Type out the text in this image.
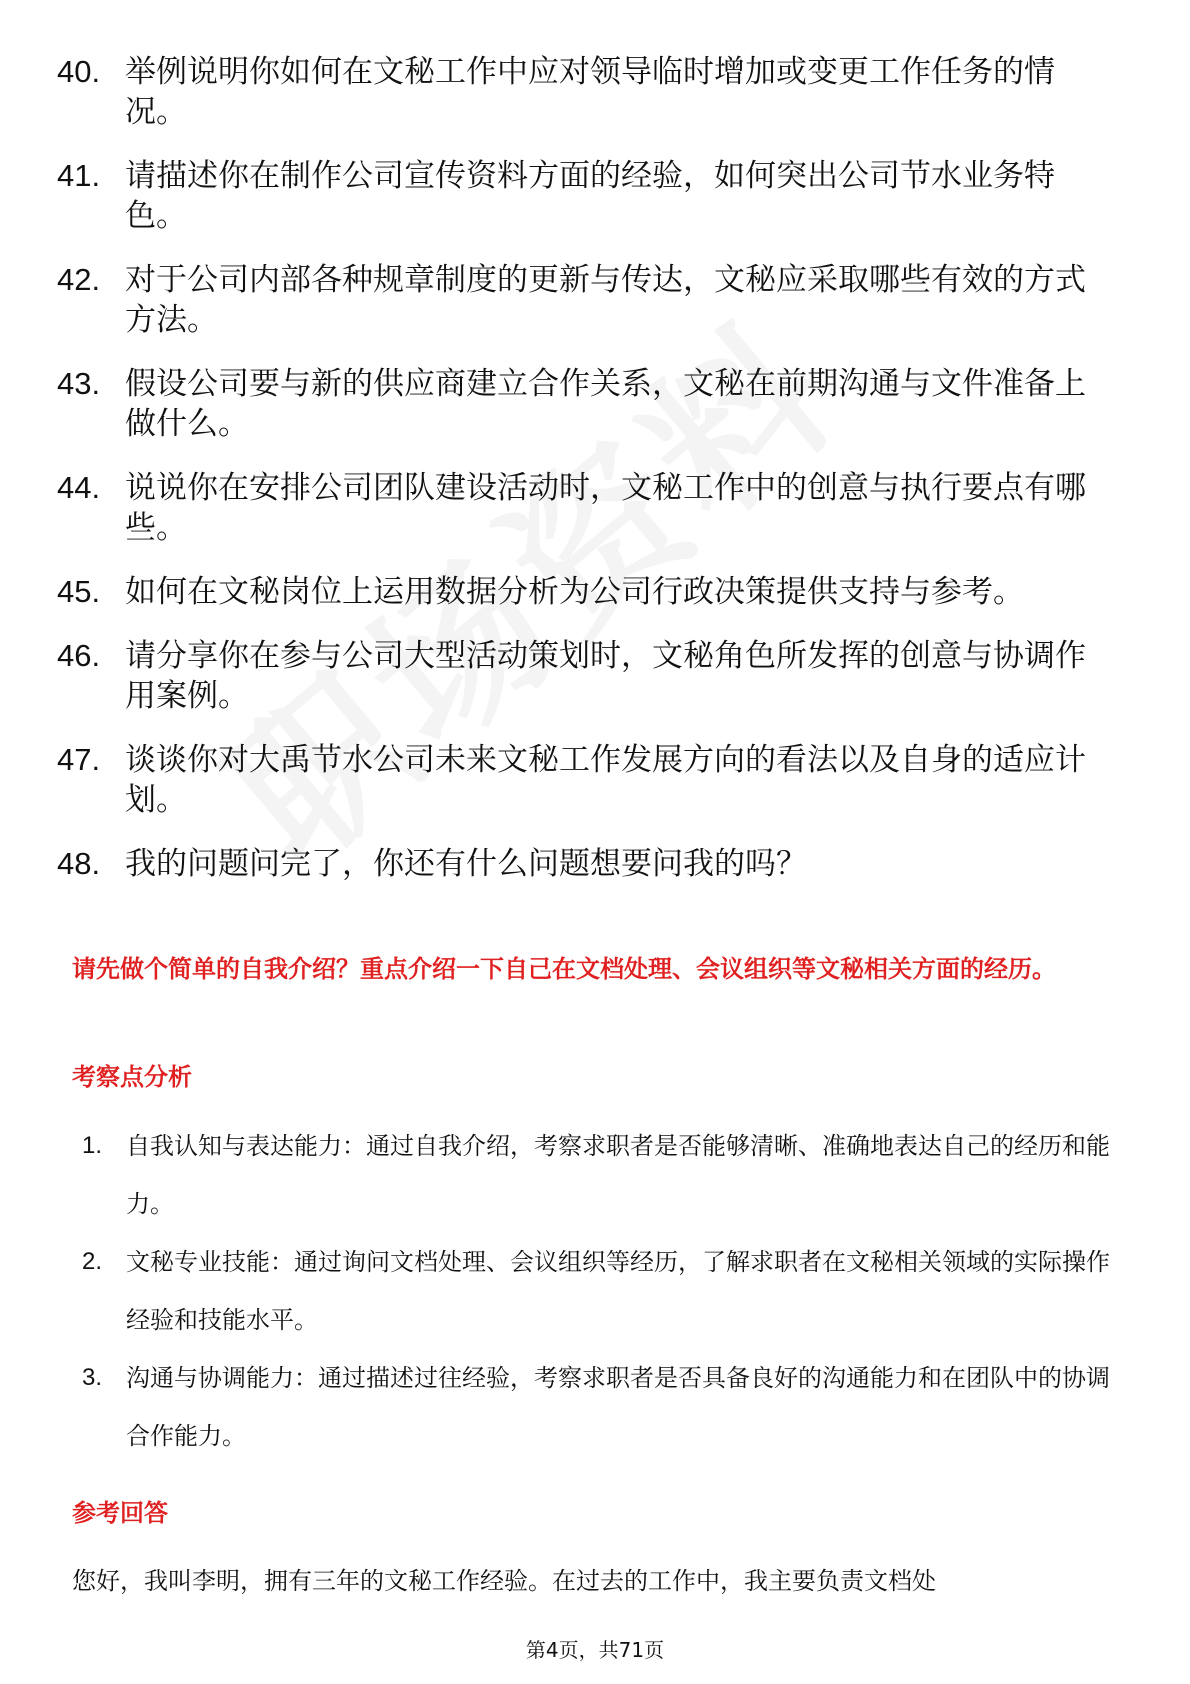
40. 举例说明你如何在文秘工作中应对领导临时增加或变更工作任务的情况。
41. 请描述你在制作公司宣传资料方面的经验，如何突出公司节水业务特色。
42. 对于公司内部各种规章制度的更新与传达，文秘应采取哪些有效的方式方法。
43. 假设公司要与新的供应商建立合作关系，文秘在前期沟通与文件准备上做什么。
44. 说说你在安排公司团队建设活动时，文秘工作中的创意与执行要点有哪些。
45. 如何在文秘岗位上运用数据分析为公司行政决策提供支持与参考。
46. 请分享你在参与公司大型活动策划时，文秘角色所发挥的创意与协调作用案例。
47. 谈谈你对大禹节水公司未来文秘工作发展方向的看法以及自身的适应计划。
48. 我的问题问完了，你还有什么问题想要问我的吗？
请先做个简单的自我介绍？重点介绍一下自己在文档处理、会议组织等文秘相关方面的经历。
考察点分析
1. 自我认知与表达能力：通过自我介绍，考察求职者是否能够清晰、准确地表达自己的经历和能力。
2. 文秘专业技能：通过询问文档处理、会议组织等经历，了解求职者在文秘相关领域的实际操作经验和技能水平。
3. 沟通与协调能力：通过描述过往经验，考察求职者是否具备良好的沟通能力和在团队中的协调合作能力。
参考回答
您好，我叫李明，拥有三年的文秘工作经验。在过去的工作中，我主要负责文档处
第4页，共71页
